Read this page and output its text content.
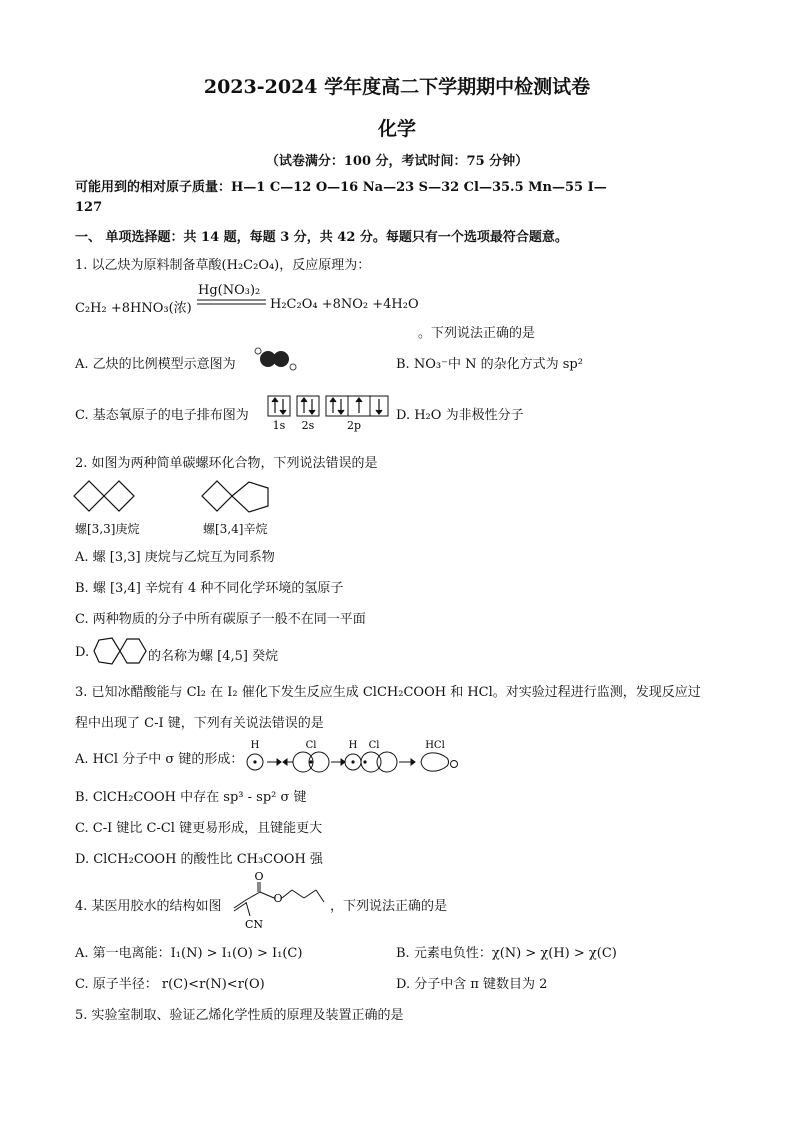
2023-2024 学年度高二下学期期中检测试卷
化学
（试卷满分：100 分，考试时间：75 分钟）
可能用到的相对原子质量：H—1 C—12 O—16 Na—23 S—32 Cl—35.5 Mn—55 I—
127
一、 单项选择题：共 14 题，每题 3 分，共 42 分。每题只有一个选项最符合题意。
1. 以乙炔为原料制备草酸(H₂C₂O₄)，反应原理为：
C₂H₂ +8HNO₃(浓)
Hg(NO₃)₂
H₂C₂O₄ +8NO₂ +4H₂O
。下列说法正确的是
A. 乙炔的比例模型示意图为	B. NO₃⁻中 N 的杂化方式为 sp²
C. 基态氧原子的电子排布图为
1s 2s	2p
D. H₂O 为非极性分子
2. 如图为两种简单碳螺环化合物，下列说法错误的是
螺[3,3]庚烷	螺[3,4]辛烷
A. 螺 [3,3] 庚烷与乙烷互为同系物
B. 螺 [3,4] 辛烷有 4 种不同化学环境的氢原子
C. 两种物质的分子中所有碳原子一般不在同一平面
D.	的名称为螺 [4,5] 癸烷
3. 已知冰醋酸能与 Cl₂ 在 I₂ 催化下发生反应生成 ClCH₂COOH 和 HCl。对实验过程进行监测，发现反应过
程中出现了 C-I 键，下列有关说法错误的是
A. HCl 分子中 σ 键的形成：
H	Cl	H Cl	HCl
B. ClCH₂COOH 中存在 sp³ - sp² σ 键
C. C-I 键比 C-Cl 键更易形成，且键能更大
D. ClCH₂COOH 的酸性比 CH₃COOH 强
4. 某医用胶水的结构如图
O
O
CN
，下列说法正确的是
A. 第一电离能：I₁(N) > I₁(O) > I₁(C)	B. 元素电负性：χ(N) > χ(H) > χ(C)
C. 原子半径： r(C)<r(N)<r(O)	D. 分子中含 π 键数目为 2
5. 实验室制取、验证乙烯化学性质的原理及装置正确的是
